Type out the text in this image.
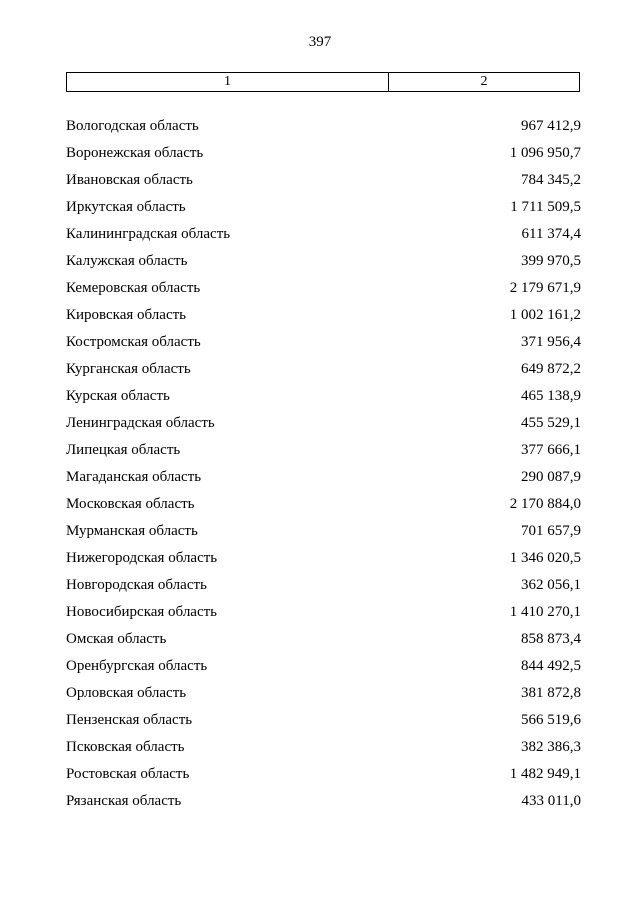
397
1	2
Вологодская область	967 412,9
Воронежская область	1 096 950,7
Ивановская область	784 345,2
Иркутская область	1 711 509,5
Калининградская область	611 374,4
Калужская область	399 970,5
Кемеровская область	2 179 671,9
Кировская область	1 002 161,2
Костромская область	371 956,4
Курганская область	649 872,2
Курская область	465 138,9
Ленинградская область	455 529,1
Липецкая область	377 666,1
Магаданская область	290 087,9
Московская область	2 170 884,0
Мурманская область	701 657,9
Нижегородская область	1 346 020,5
Новгородская область	362 056,1
Новосибирская область	1 410 270,1
Омская область	858 873,4
Оренбургская область	844 492,5
Орловская область	381 872,8
Пензенская область	566 519,6
Псковская область	382 386,3
Ростовская область	1 482 949,1
Рязанская область	433 011,0
